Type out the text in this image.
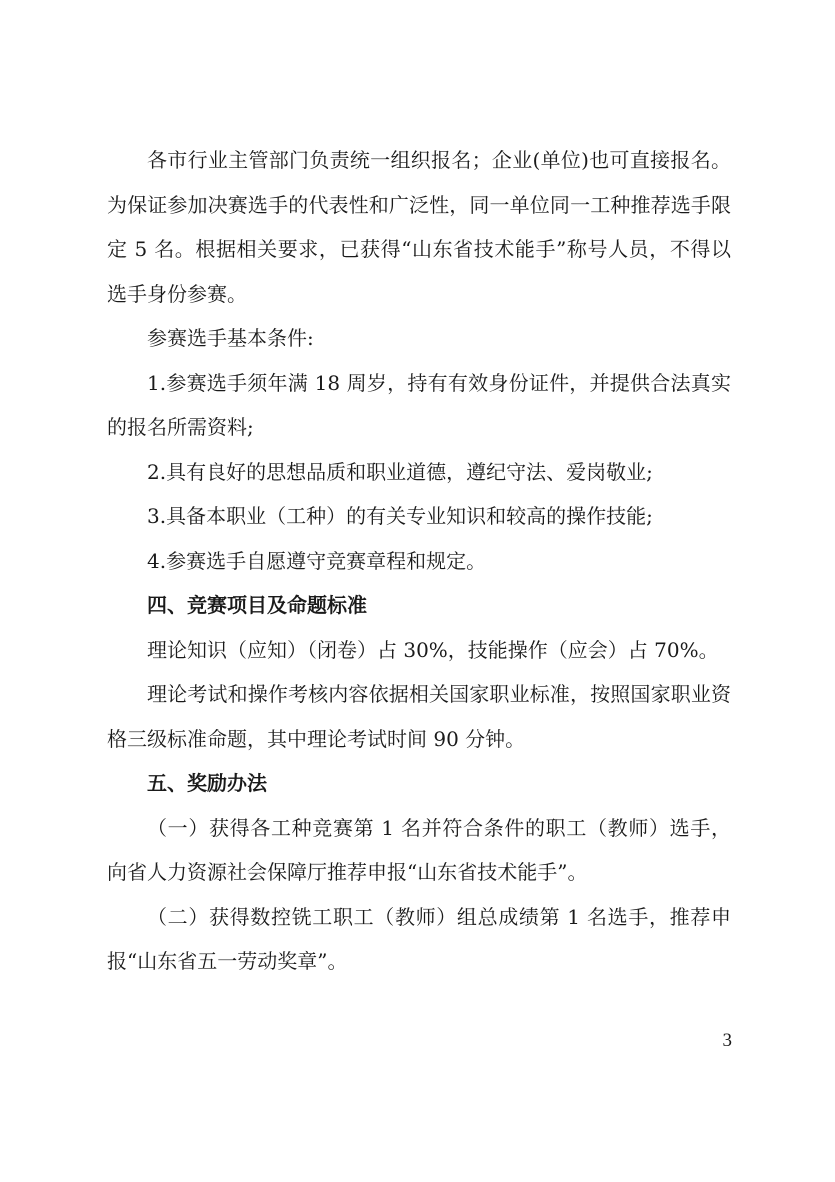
各市行业主管部门负责统一组织报名；企业(单位)也可直接报名。为保证参加决赛选手的代表性和广泛性，同一单位同一工种推荐选手限定 5 名。根据相关要求，已获得“山东省技术能手”称号人员，不得以选手身份参赛。

参赛选手基本条件:

1.参赛选手须年满 18 周岁，持有有效身份证件，并提供合法真实的报名所需资料;

2.具有良好的思想品质和职业道德，遵纪守法、爱岗敬业;

3.具备本职业（工种）的有关专业知识和较高的操作技能;

4.参赛选手自愿遵守竞赛章程和规定。

四、竞赛项目及命题标准

理论知识（应知）（闭卷）占 30%，技能操作（应会）占 70%。

理论考试和操作考核内容依据相关国家职业标准，按照国家职业资格三级标准命题，其中理论考试时间 90 分钟。

五、奖励办法

（一）获得各工种竞赛第 1 名并符合条件的职工（教师）选手，向省人力资源社会保障厅推荐申报“山东省技术能手”。

（二）获得数控铣工职工（教师）组总成绩第 1 名选手，推荐申报“山东省五一劳动奖章”。

3
